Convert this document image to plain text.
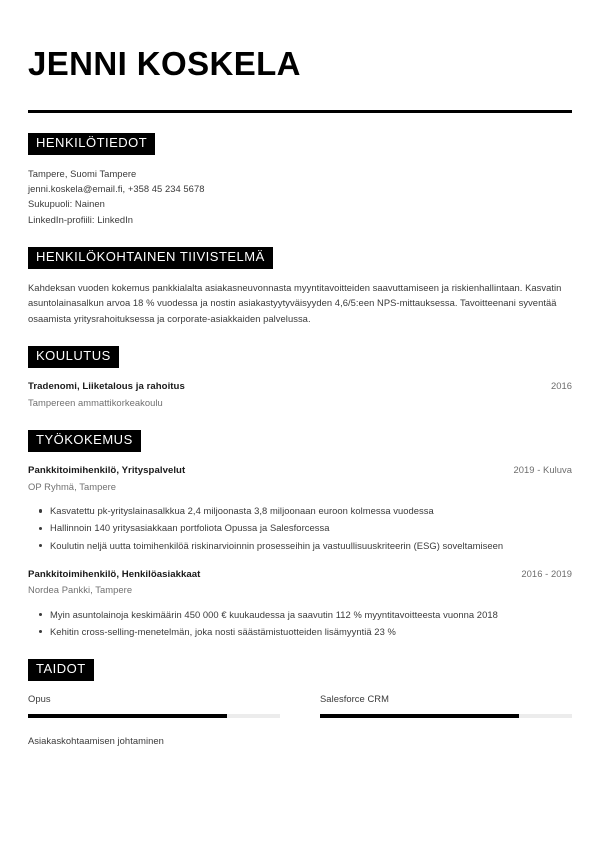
JENNI KOSKELA
HENKILÖTIEDOT
Tampere, Suomi Tampere
jenni.koskela@email.fi, +358 45 234 5678
Sukupuoli: Nainen
LinkedIn-profiili: LinkedIn
HENKILÖKOHTAINEN TIIVISTELMÄ
Kahdeksan vuoden kokemus pankkialalta asiakasneuvonnasta myyntitavoitteiden saavuttamiseen ja riskienhallintaan. Kasvatin asuntolainasalkun arvoa 18 % vuodessa ja nostin asiakastyytyväisyyden 4,6/5:een NPS-mittauksessa. Tavoitteenani syventää osaamista yritysrahoituksessa ja corporate-asiakkaiden palvelussa.
KOULUTUS
Tradenomi, Liiketalous ja rahoitus	2016
Tampereen ammattikorkeakoulu
TYÖKOKEMUS
Pankkitoimihenkilö, Yrityspalvelut	2019 - Kuluva
OP Ryhmä, Tampere
Kasvatettu pk-yrityslainasalkkua 2,4 miljoonasta 3,8 miljoonaan euroon kolmessa vuodessa
Hallinnoin 140 yritysasiakkaan portfoliota Opussa ja Salesforcessa
Koulutin neljä uutta toimihenkilöä riskinarvioinnin prosesseihin ja vastuullisuuskriteerin (ESG) soveltamiseen
Pankkitoimihenkilö, Henkilöasiakkaat	2016 - 2019
Nordea Pankki, Tampere
Myin asuntolainoja keskimäärin 450 000 € kuukaudessa ja saavutin 112 % myyntitavoitteesta vuonna 2018
Kehitin cross-selling-menetelmän, joka nosti säästämistuotteiden lisämyyntiä 23 %
TAIDOT
Opus	Salesforce CRM
Asiakaskohtaamisen johtaminen
